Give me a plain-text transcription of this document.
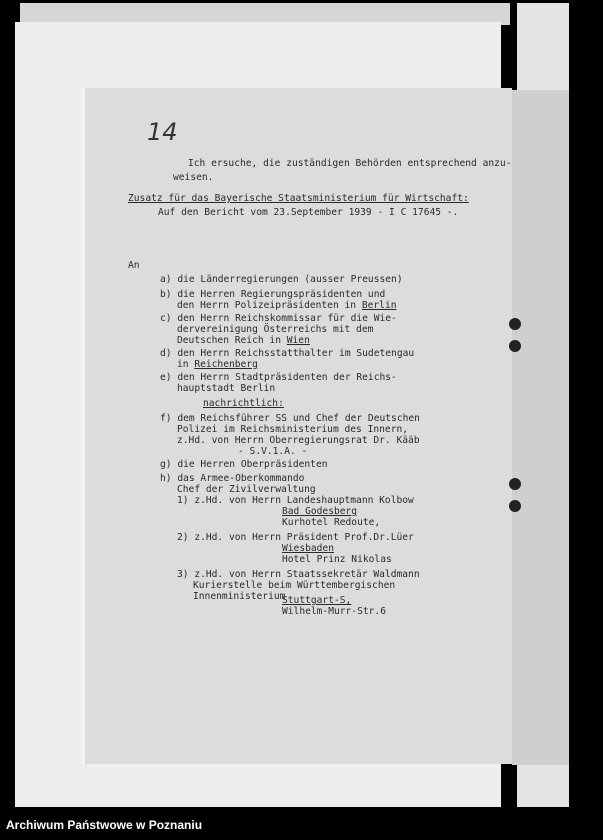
14
Ich ersuche, die zuständigen Behörden entsprechend anzu-
weisen.
Zusatz für das Bayerische Staatsministerium für Wirtschaft:
Auf den Bericht vom 23.September 1939 - I C 17645 -.
An
a) die Länderregierungen (ausser Preussen)
b) die Herren Regierungspräsidenten und
den Herrn Polizeipräsidenten in Berlin
c) den Herrn Reichskommissar für die Wie-
dervereinigung Österreichs mit dem
Deutschen Reich in Wien
d) den Herrn Reichsstatthalter im Sudetengau
in Reichenberg
e) den Herrn Stadtpräsidenten der Reichs-
hauptstadt Berlin
nachrichtlich:
f) dem Reichsführer SS und Chef der Deutschen
Polizei im Reichsministerium des Innern,
z.Hd. von Herrn Oberregierungsrat Dr. Kääb
- S.V.1.A. -
g) die Herren Oberpräsidenten
h) das Armee-Oberkommando
Chef der Zivilverwaltung
1) z.Hd. von Herrn Landeshauptmann Kolbow
Bad Godesberg
Kurhotel Redoute,
2) z.Hd. von Herrn Präsident Prof.Dr.Lüer
Wiesbaden
Hotel Prinz Nikolas
3) z.Hd. von Herrn Staatssekretär Waldmann
Kurierstelle beim Württembergischen
Innenministerium
Stuttgart-S,
Wilhelm-Murr-Str.6
Archiwum Państwowe w Poznaniu
